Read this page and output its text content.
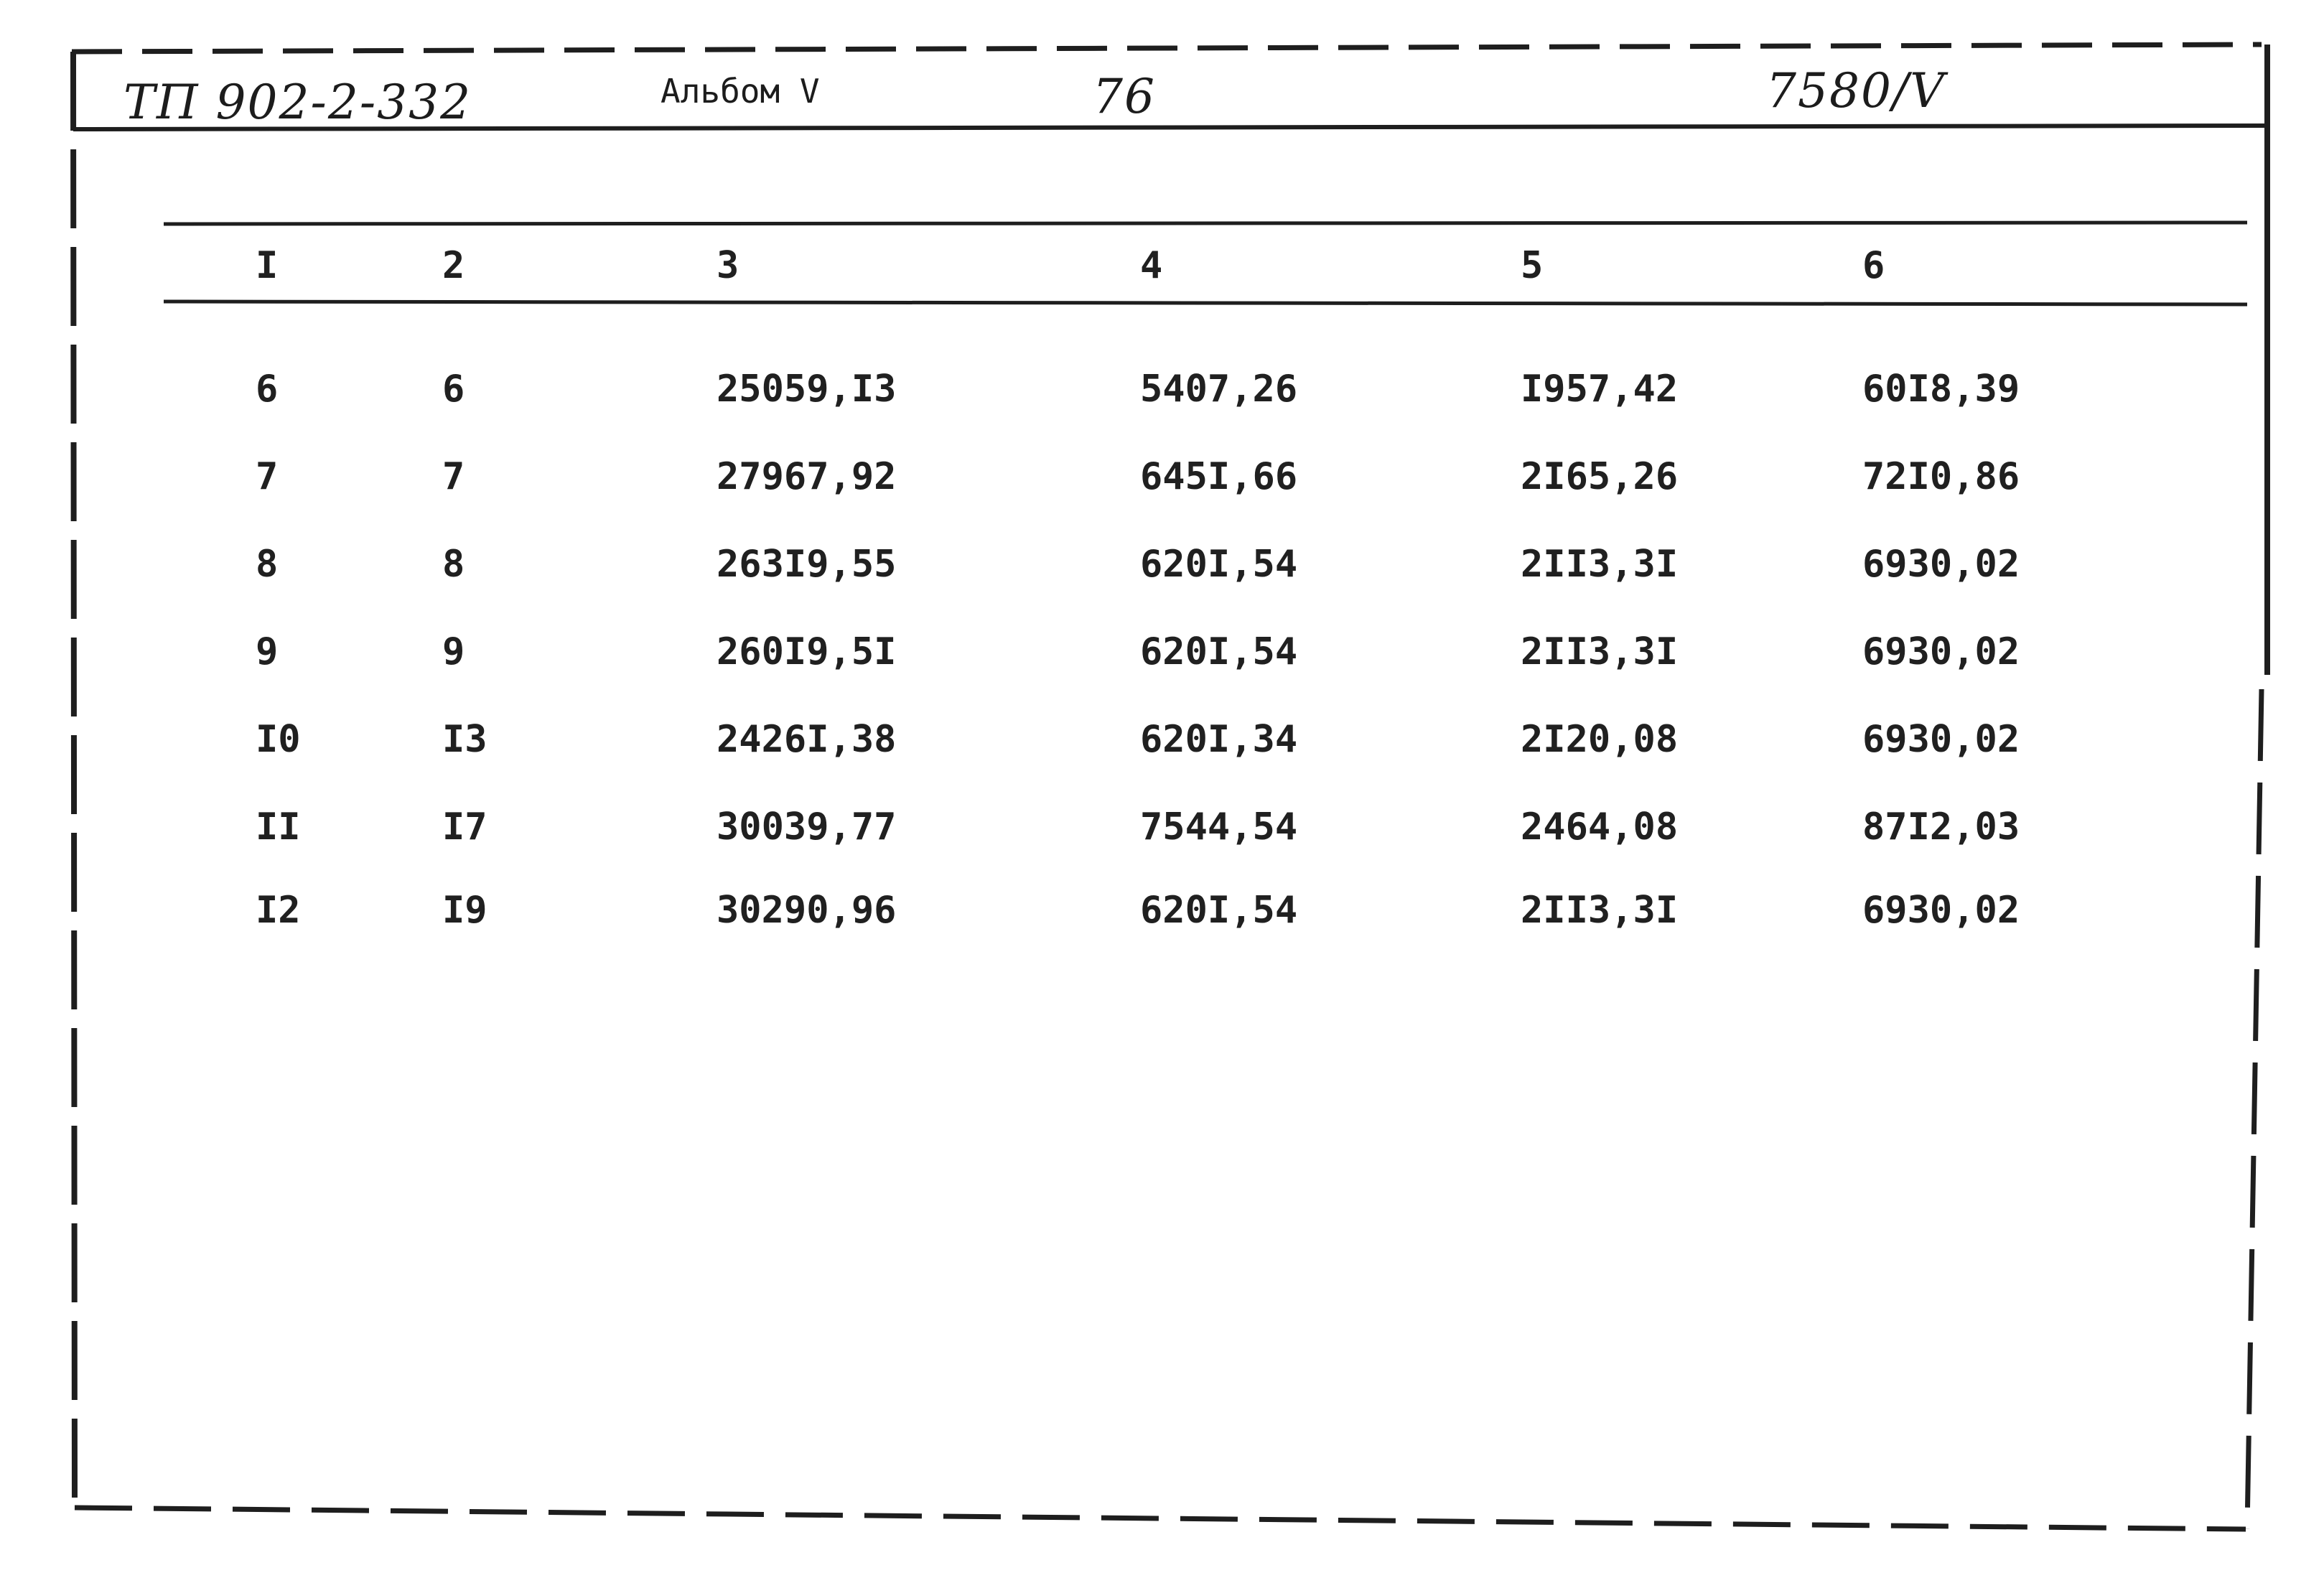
ТП 902-2-332	Альбом V	76	7580/V
I	2	3	4	5	6
6	6	25059,I3	5407,26	I957,42	60I8,39
7	7	27967,92	645I,66	2I65,26	72I0,86
8	8	263I9,55	620I,54	2II3,3I	6930,02
9	9	260I9,5I	620I,54	2II3,3I	6930,02
I0	I3	2426I,38	620I,34	2I20,08	6930,02
II	I7	30039,77	7544,54	2464,08	87I2,03
I2	I9	30290,96	620I,54	2II3,3I	6930,02
